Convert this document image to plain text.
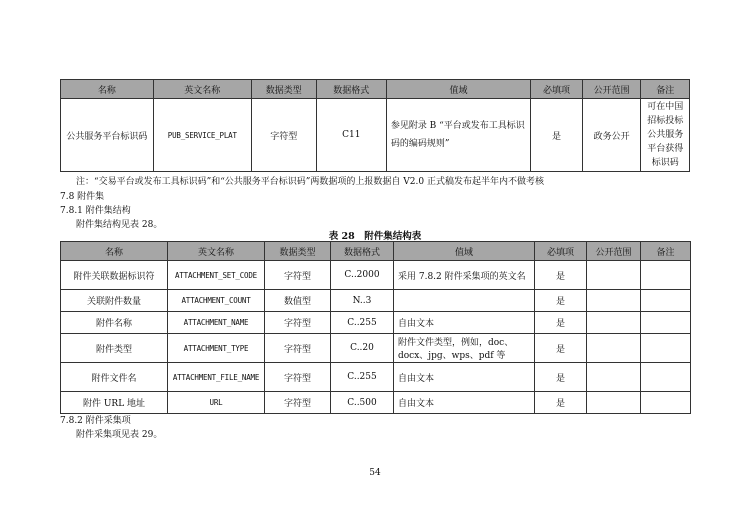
名称	英文名称	数据类型	数据格式	值域	必填项	公开范围	备注
公共服务平台标识码	PUB_SERVICE_PLAT	字符型	C11	参见附录 B “平台或发布工具标识码的编码规则”	是	政务公开	可在中国招标投标公共服务平台获得标识码
注：“交易平台或发布工具标识码”和“公共服务平台标识码”两数据项的上报数据自 V2.0 正式稿发布起半年内不做考核
7.8 附件集
7.8.1 附件集结构
附件集结构见表 28。
表 28　附件集结构表
名称	英文名称	数据类型	数据格式	值域	必填项	公开范围	备注
附件关联数据标识符	ATTACHMENT_SET_CODE	字符型	C..2000	采用 7.8.2 附件采集项的英文名	是		
关联附件数量	ATTACHMENT_COUNT	数值型	N..3		是		
附件名称	ATTACHMENT_NAME	字符型	C..255	自由文本	是		
附件类型	ATTACHMENT_TYPE	字符型	C..20	附件文件类型，例如，doc、docx、jpg、wps、pdf 等	是		
附件文件名	ATTACHMENT_FILE_NAME	字符型	C..255	自由文本	是		
附件 URL 地址	URL	字符型	C..500	自由文本	是		
7.8.2 附件采集项
附件采集项见表 29。
54
